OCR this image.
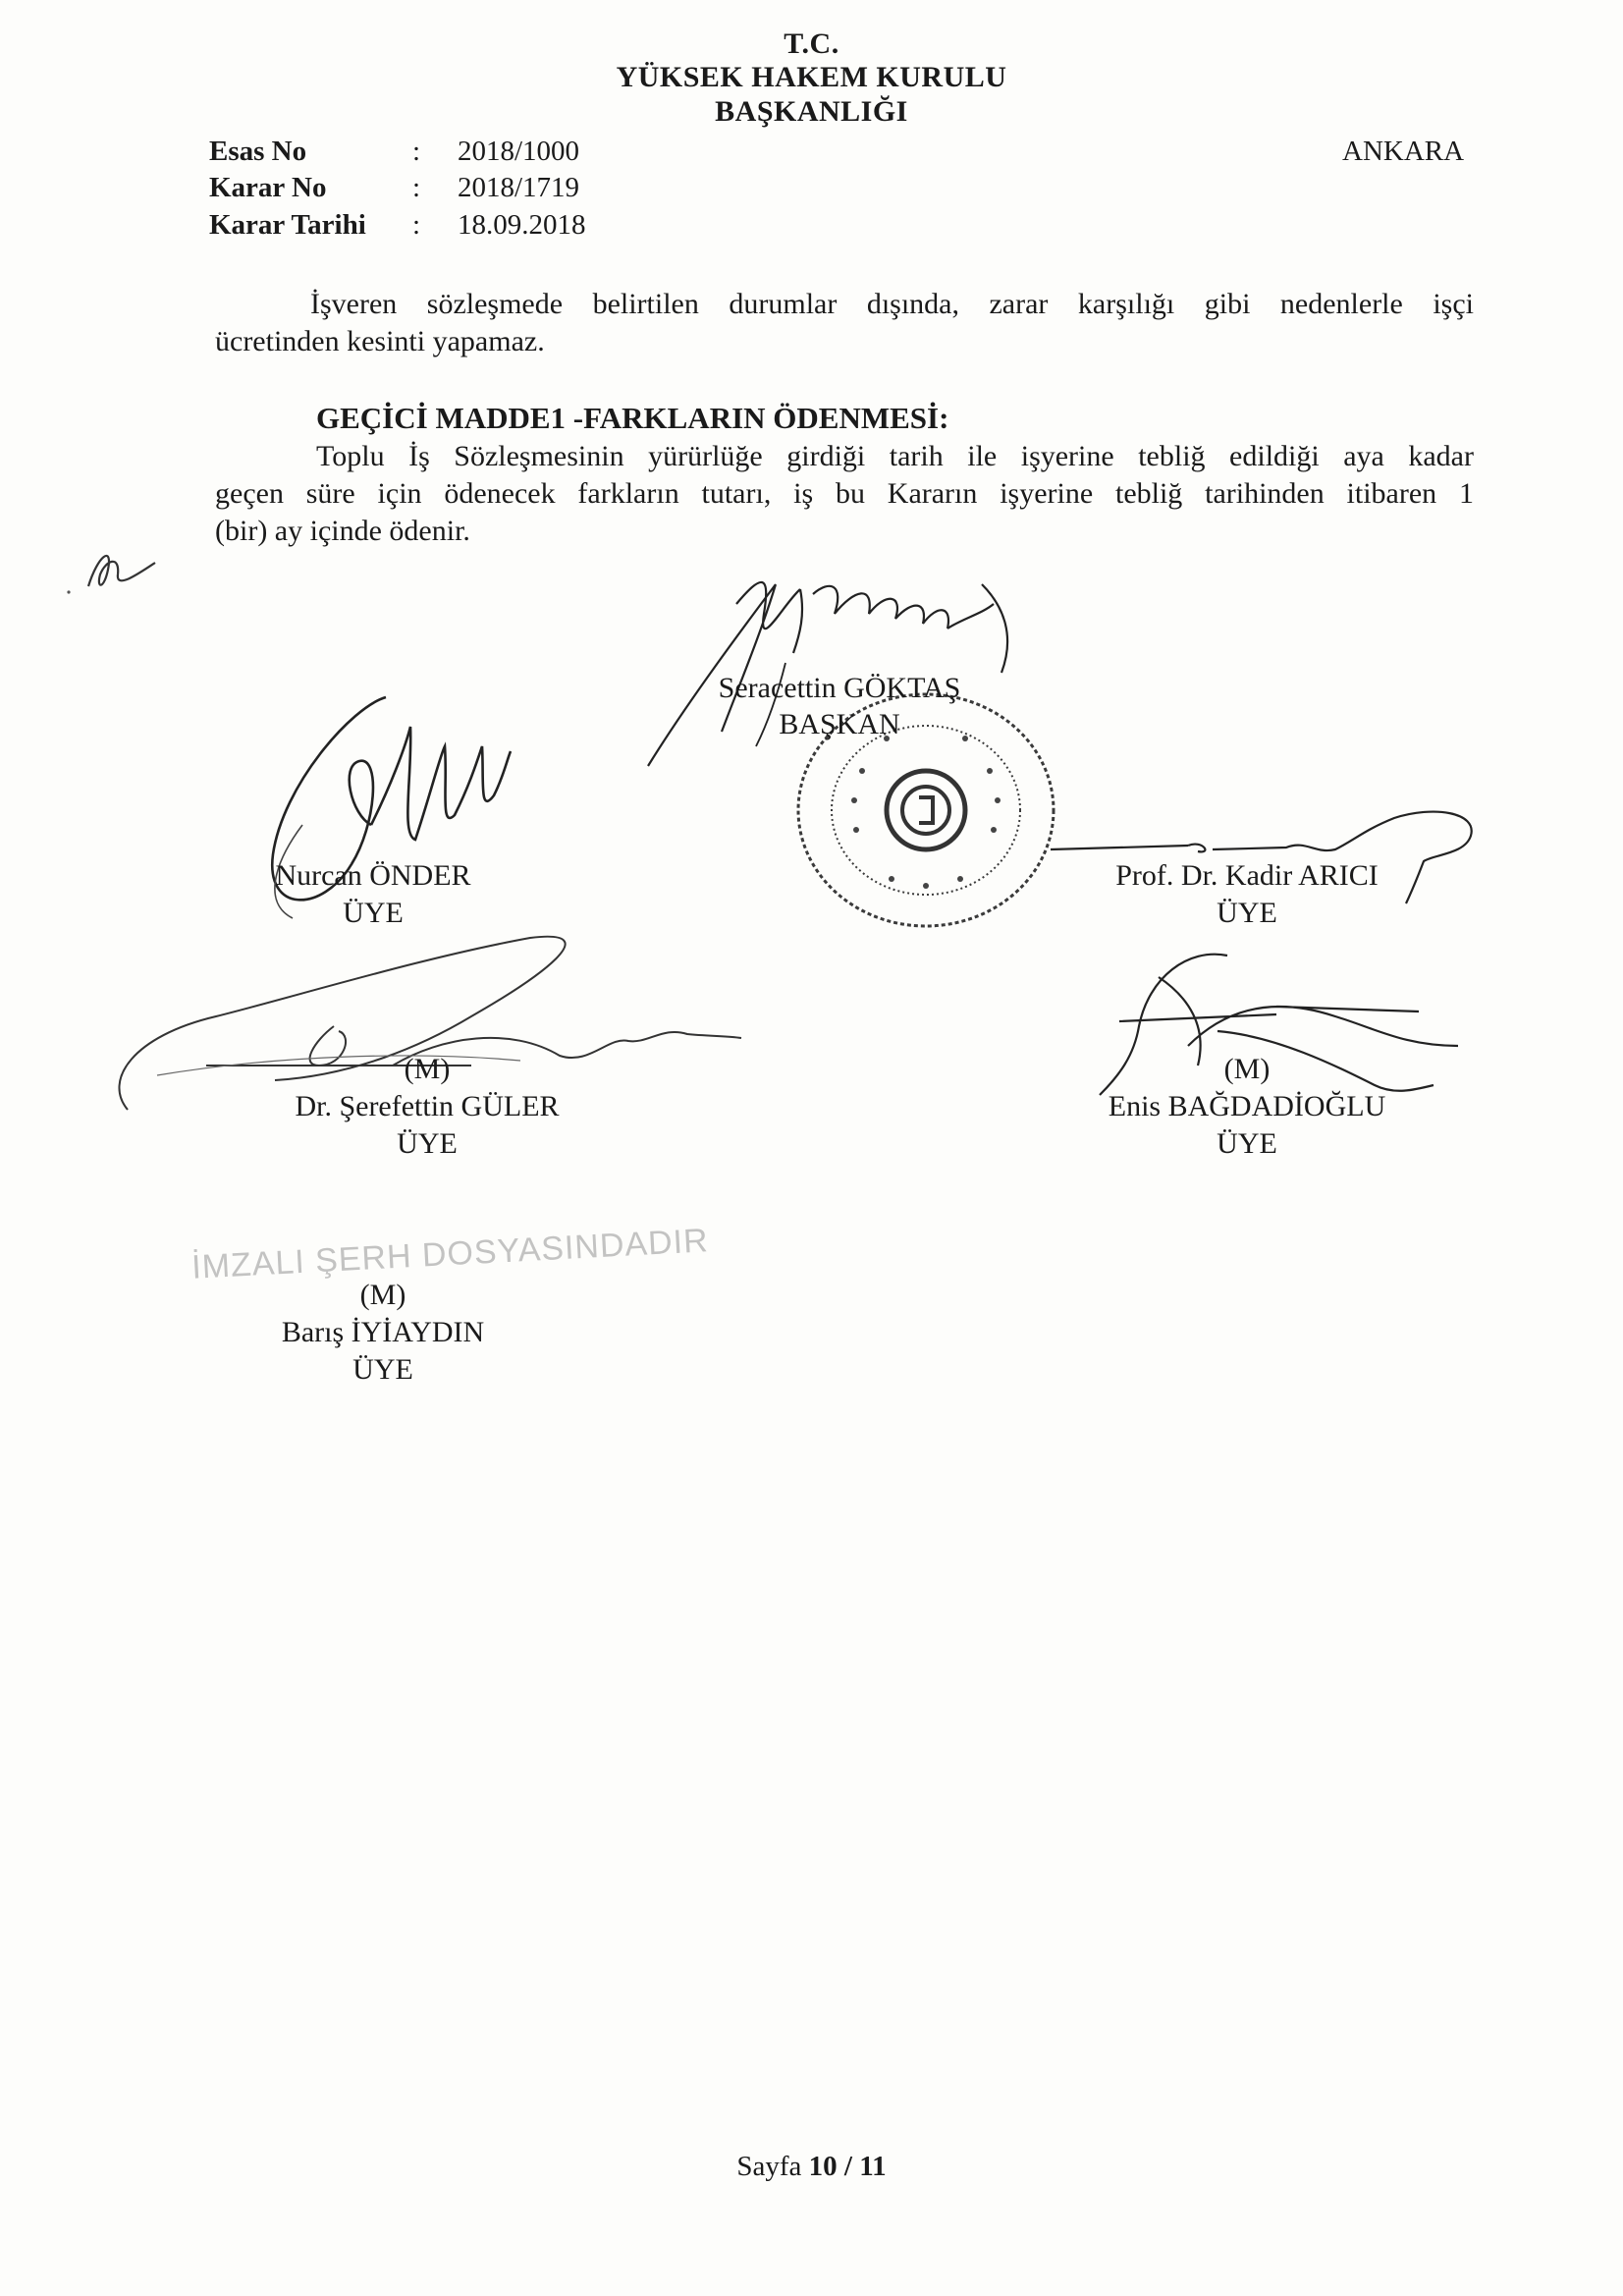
T.C.
YÜKSEK HAKEM KURULU
BAŞKANLIĞI
Esas No	: 2018/1000
Karar No	: 2018/1719
Karar Tarihi : 18.09.2018
ANKARA
İşveren sözleşmede belirtilen durumlar dışında, zarar karşılığı gibi nedenlerle işçi
ücretinden kesinti yapamaz.
GEÇİCİ MADDE1 -FARKLARIN ÖDENMESİ:
Toplu İş Sözleşmesinin yürürlüğe girdiği tarih ile işyerine tebliğ edildiği aya kadar
geçen süre için ödenecek farkların tutarı, iş bu Kararın işyerine tebliğ tarihinden itibaren 1
(bir) ay içinde ödenir.
Seracettin GÖKTAŞ
BAŞKAN
Nurcan ÖNDER
ÜYE
Prof. Dr. Kadir ARICI
ÜYE
(M)
Dr. Şerefettin GÜLER
ÜYE
(M)
Enis BAĞDADİOĞLU
ÜYE
İMZALI ŞERH DOSYASINDADIR
(M)
Barış İYİAYDIN
ÜYE
Sayfa 10 / 11
